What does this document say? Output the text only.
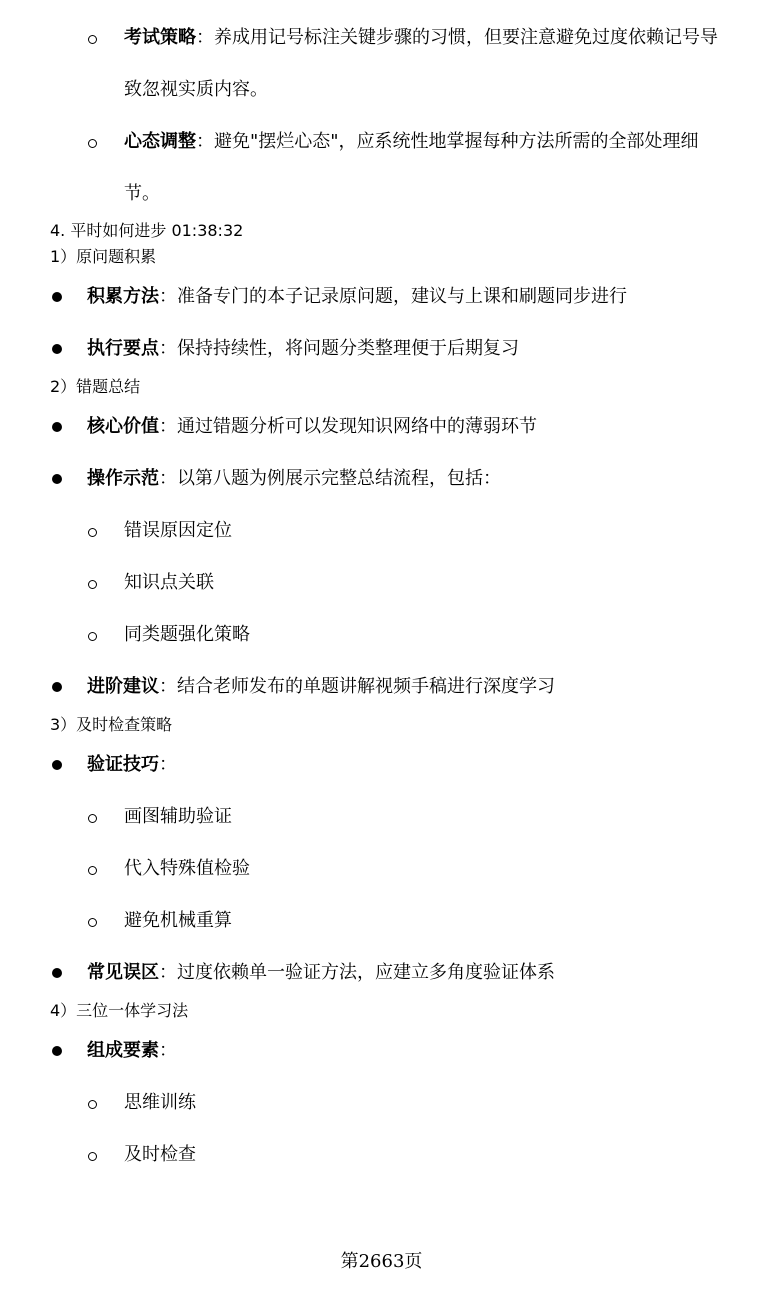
考试策略：养成用记号标注关键步骤的习惯，但要注意避免过度依赖记号导
致忽视实质内容。
心态调整：避免"摆烂心态"，应系统性地掌握每种方法所需的全部处理细
节。
4. 平时如何进步 01:38:32
1）原问题积累
积累方法：准备专门的本子记录原问题，建议与上课和刷题同步进行
执行要点：保持持续性，将问题分类整理便于后期复习
2）错题总结
核心价值：通过错题分析可以发现知识网络中的薄弱环节
操作示范：以第八题为例展示完整总结流程，包括：
错误原因定位
知识点关联
同类题强化策略
进阶建议：结合老师发布的单题讲解视频手稿进行深度学习
3）及时检查策略
验证技巧：
画图辅助验证
代入特殊值检验
避免机械重算
常见误区：过度依赖单一验证方法，应建立多角度验证体系
4）三位一体学习法
组成要素：
思维训练
及时检查
第2663页
